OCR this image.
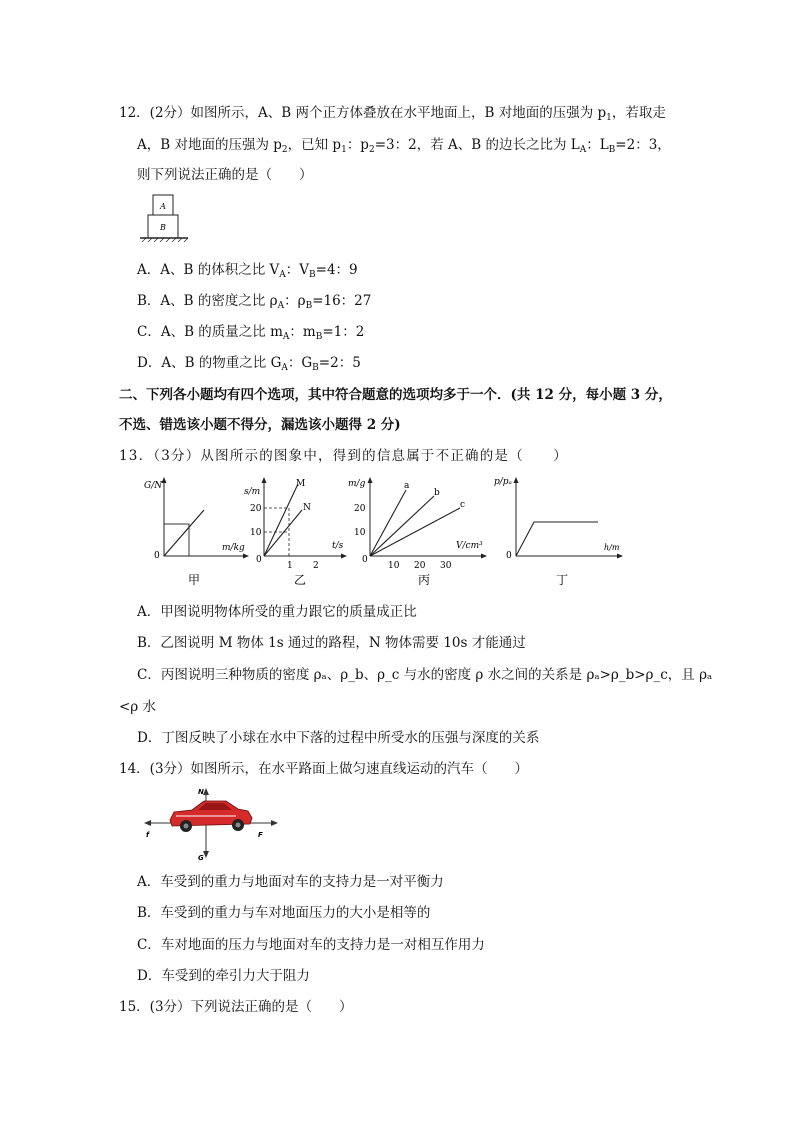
12．(2分）如图所示，A、B 两个正方体叠放在水平地面上，B 对地面的压强为 $p_1$，若取走
A，B 对地面的压强为 $p_2$，已知 $p_1$：$p_2=3$：2，若 A、B 的边长之比为 $L_A$：$L_B=2$：3，
则下列说法正确的是（　　）
A
B
A．A、B 的体积之比 $V_A$：$V_B=4$：9
B．A、B 的密度之比 $\rho_A$：$\rho_B=16$：27
C．A、B 的质量之比 $m_A$：$m_B=1$：2
D．A、B 的物重之比 $G_A$：$G_B=2$：5
二、下列各小题均有四个选项，其中符合题意的选项均多于一个．(共 12 分，每小题 3 分，
不选、错选该小题不得分，漏选该小题得 2 分)
13．（3分）从图所示的图象中，得到的信息属于不正确的是（　　）
G/N
m/kg
0
甲
s/m
t/s
0
20
10
1 2
M
N
乙
m/g
V/cm³
0
20
10
10 20 30
a
b
c
丙
p/pₐ
h/m
0
丁
A．甲图说明物体所受的重力跟它的质量成正比
B．乙图说明 M 物体 1s 通过的路程，N 物体需要 10s 才能通过
C．丙图说明三种物质的密度 ρₐ、ρ_b、ρ_c 与水的密度 ρ 水之间的关系是 ρₐ>ρ_b>ρ_c，且 ρₐ
<ρ 水
D．丁图反映了小球在水中下落的过程中所受水的压强与深度的关系
14．(3分）如图所示，在水平路面上做匀速直线运动的汽车（　　）
N
G
f	F
A．车受到的重力与地面对车的支持力是一对平衡力
B．车受到的重力与车对地面压力的大小是相等的
C．车对地面的压力与地面对车的支持力是一对相互作用力
D．车受到的牵引力大于阻力
15．(3分）下列说法正确的是（　　）
